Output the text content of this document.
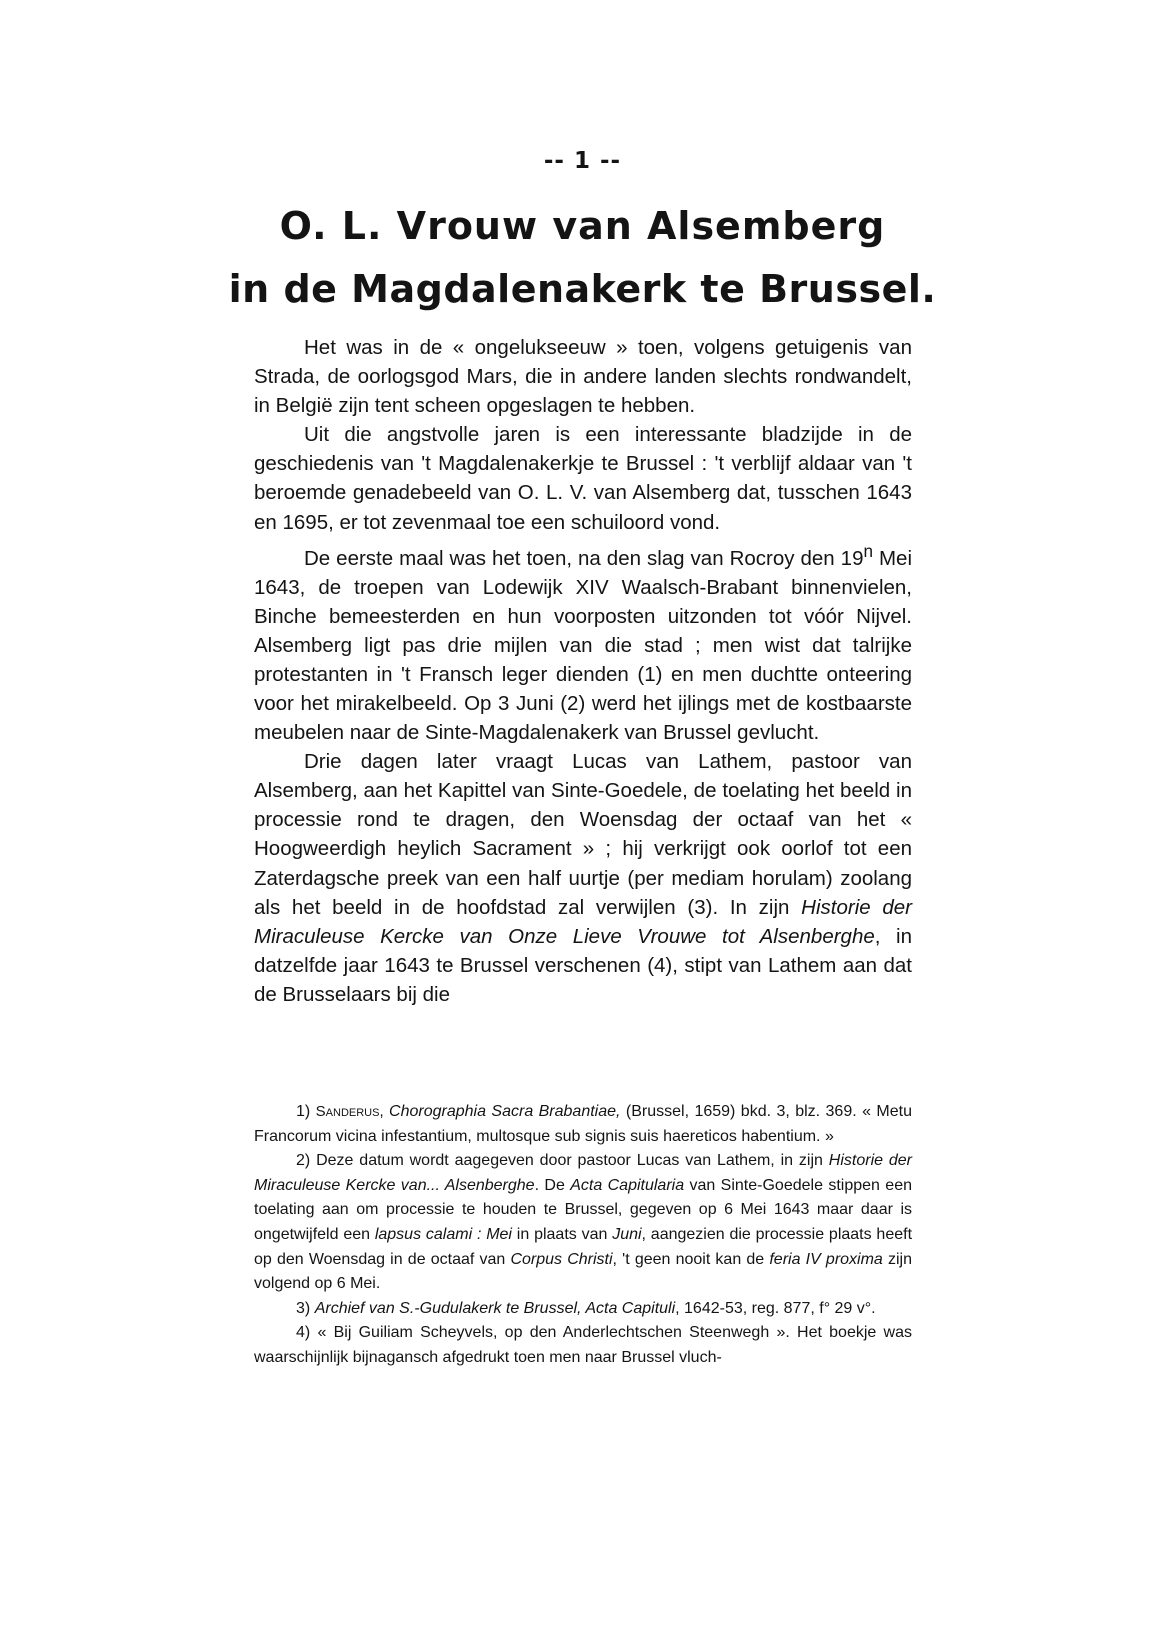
-- 1 --
O. L. Vrouw van Alsemberg
in de Magdalenakerk te Brussel.

Het was in de « ongelukseeuw » toen, volgens getuigenis van Strada, de oorlogsgod Mars, die in andere landen slechts rondwandelt, in België zijn tent scheen opgeslagen te hebben.

Uit die angstvolle jaren is een interessante bladzijde in de geschiedenis van 't Magdalenakerkje te Brussel : 't verblijf aldaar van 't beroemde genadebeeld van O. L. V. van Alsemberg dat, tusschen 1643 en 1695, er tot zevenmaal toe een schuiloord vond.

De eerste maal was het toen, na den slag van Rocroy den 19$^n$ Mei 1643, de troepen van Lodewijk XIV Waalsch-Brabant binnenvielen, Binche bemeesterden en hun voorposten uitzonden tot vóór Nijvel. Alsemberg ligt pas drie mijlen van die stad ; men wist dat talrijke protestanten in 't Fransch leger dienden (1) en men duchtte onteering voor het mirakelbeeld. Op 3 Juni (2) werd het ijlings met de kostbaarste meubelen naar de Sinte-Magdalenakerk van Brussel gevlucht.

Drie dagen later vraagt Lucas van Lathem, pastoor van Alsemberg, aan het Kapittel van Sinte-Goedele, de toelating het beeld in processie rond te dragen, den Woensdag der octaaf van het « Hoogweerdigh heylich Sacrament » ; hij verkrijgt ook oorlof tot een Zaterdagsche preek van een half uurtje (per mediam horulam) zoolang als het beeld in de hoofdstad zal verwijlen (3). In zijn Historie der Miraculeuse Kercke van Onze Lieve Vrouwe tot Alsenberghe, in datzelfde jaar 1643 te Brussel verschenen (4), stipt van Lathem aan dat de Brusselaars bij die

1) Sanderus, Chorographia Sacra Brabantiae, (Brussel, 1659) bkd. 3, blz. 369. « Metu Francorum vicina infestantium, multosque sub signis suis haereticos habentium. »

2) Deze datum wordt aagegeven door pastoor Lucas van Lathem, in zijn Historie der Miraculeuse Kercke van... Alsenberghe. De Acta Capitularia van Sinte-Goedele stippen een toelating aan om processie te houden te Brussel, gegeven op 6 Mei 1643 maar daar is ongetwijfeld een lapsus calami : Mei in plaats van Juni, aangezien die processie plaats heeft op den Woensdag in de octaaf van Corpus Christi, 't geen nooit kan de feria IV proxima zijn volgend op 6 Mei.

3) Archief van S.-Gudulakerk te Brussel, Acta Capituli, 1642-53, reg. 877, f° 29 v°.

4) « Bij Guiliam Scheyvels, op den Anderlechtschen Steenwegh ». Het boekje was waarschijnlijk bijnagansch afgedrukt toen men naar Brussel vluch-
